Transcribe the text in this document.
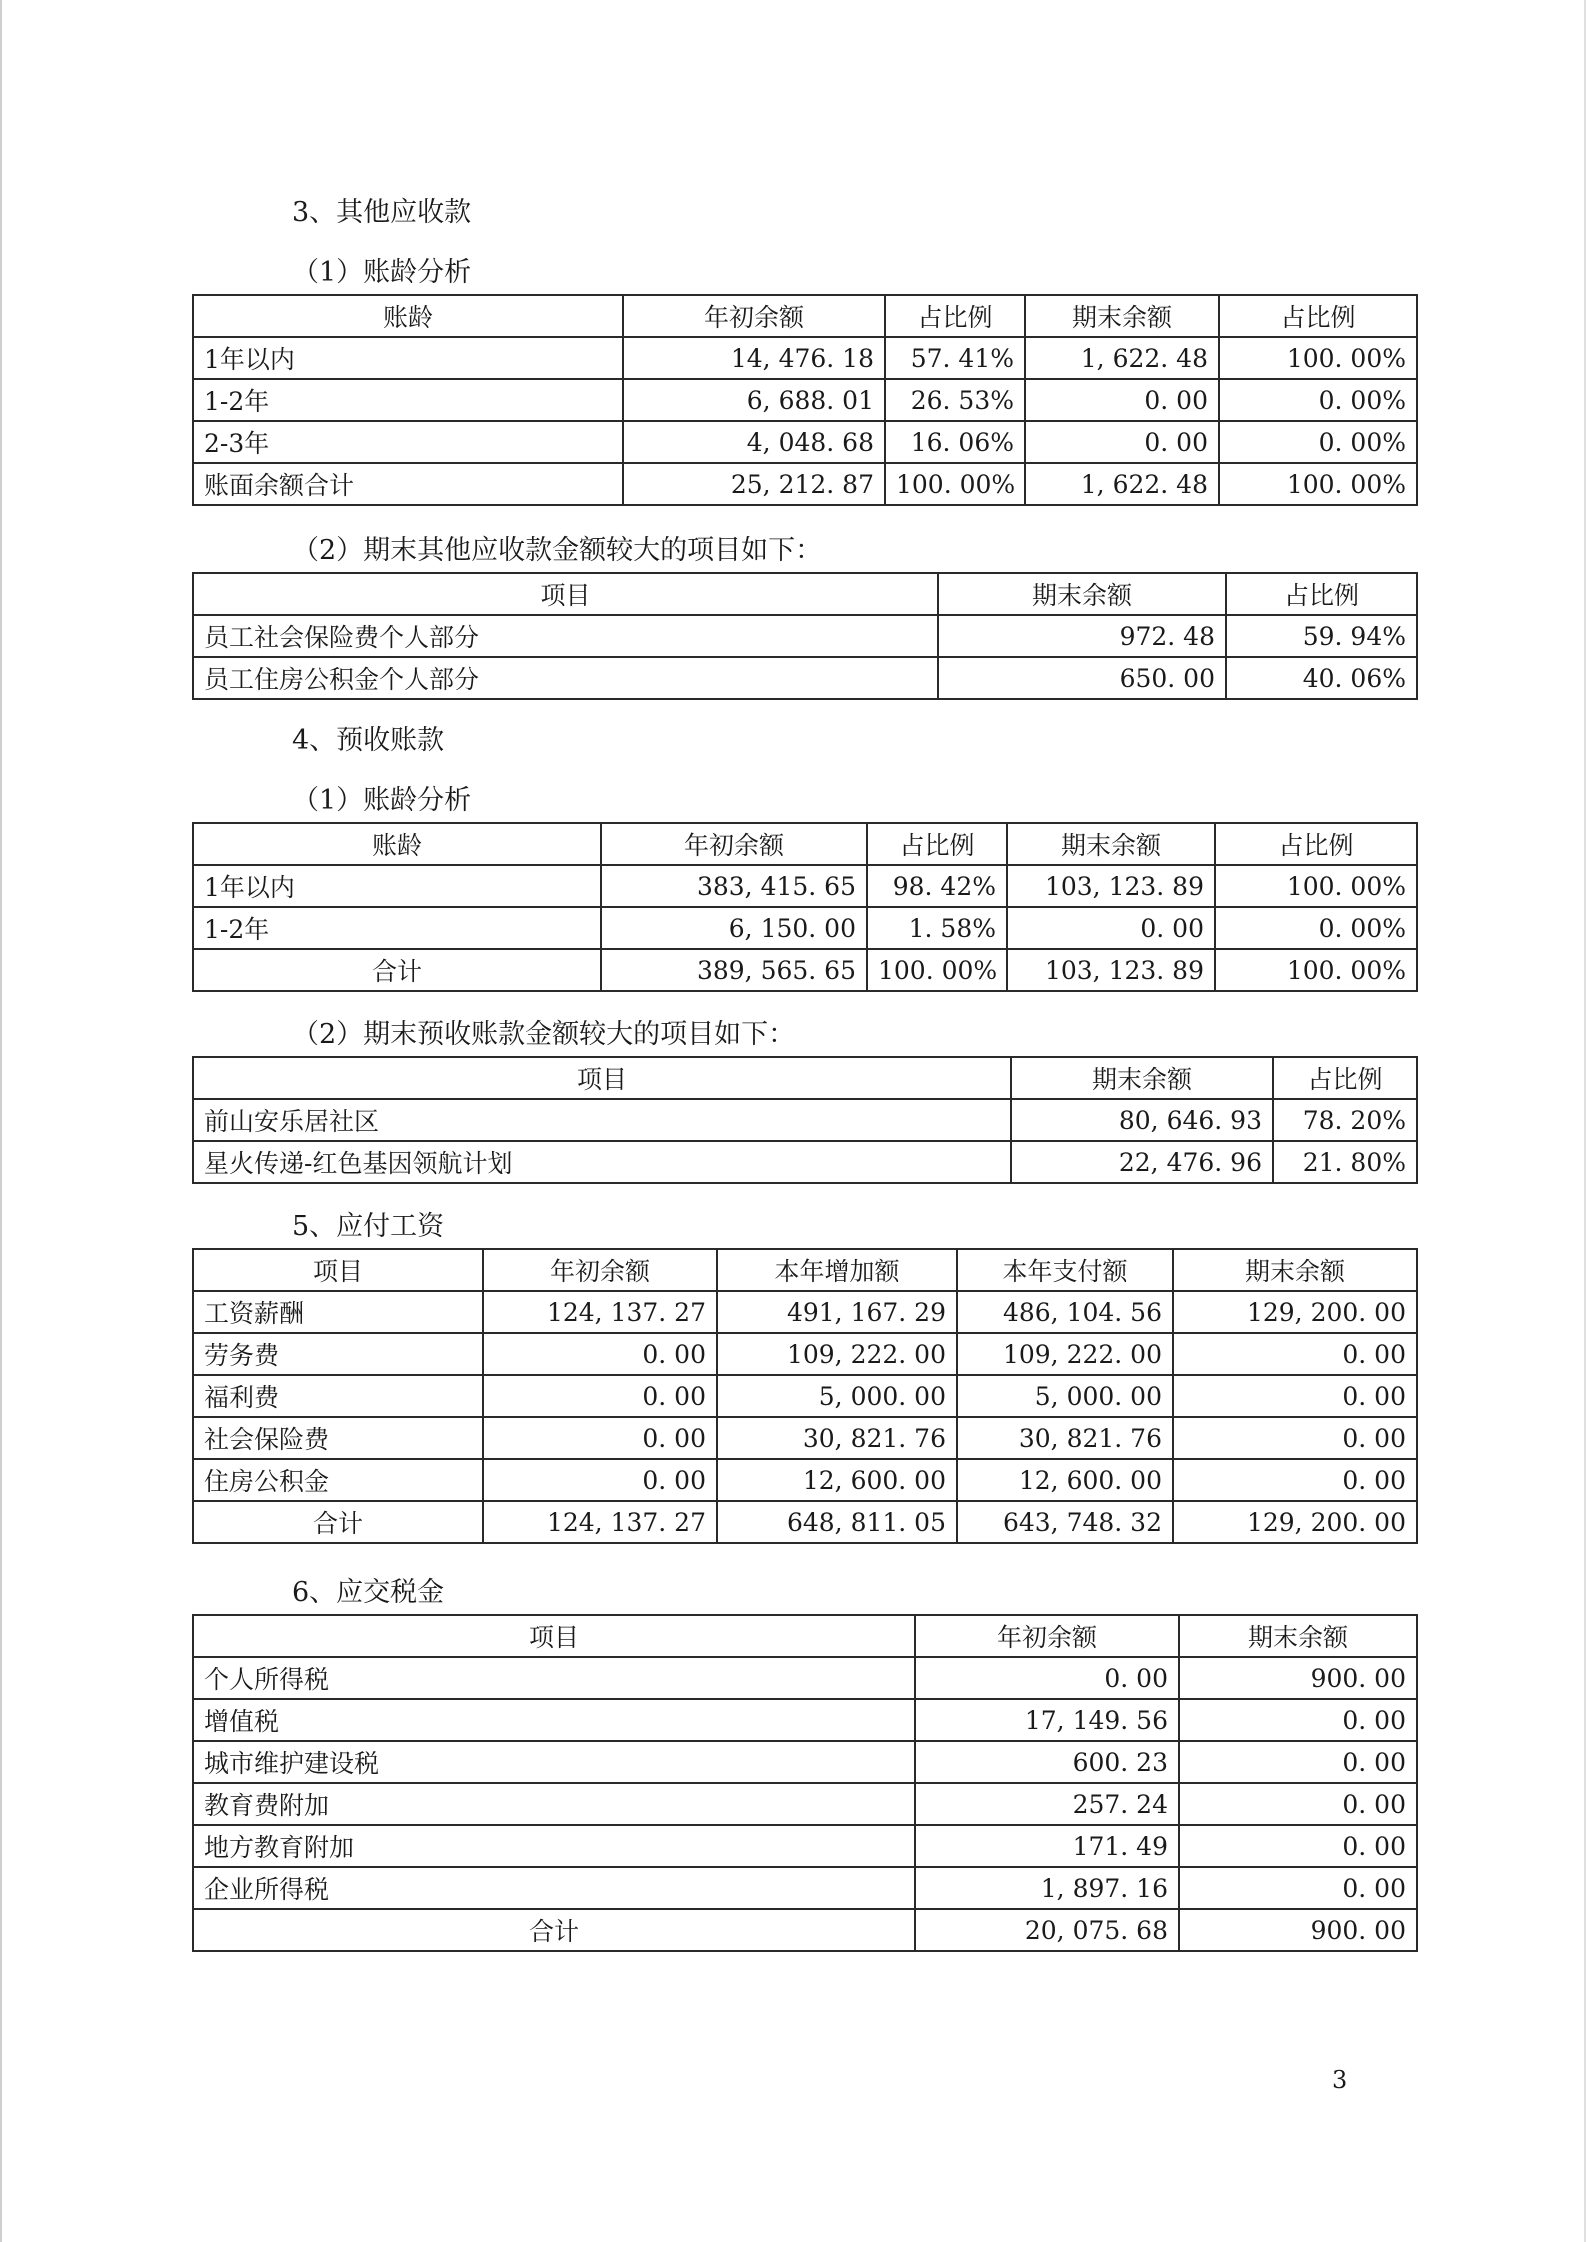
3、其他应收款
（1）账龄分析
账龄	年初余额	占比例	期末余额	占比例
1年以内	14, 476. 18	57. 41%	1, 622. 48	100. 00%
1-2年	6, 688. 01	26. 53%	0. 00	0. 00%
2-3年	4, 048. 68	16. 06%	0. 00	0. 00%
账面余额合计	25, 212. 87	100. 00%	1, 622. 48	100. 00%
（2）期末其他应收款金额较大的项目如下：
项目	期末余额	占比例
员工社会保险费个人部分	972. 48	59. 94%
员工住房公积金个人部分	650. 00	40. 06%
4、预收账款
（1）账龄分析
账龄	年初余额	占比例	期末余额	占比例
1年以内	383, 415. 65	98. 42%	103, 123. 89	100. 00%
1-2年	6, 150. 00	1. 58%	0. 00	0. 00%
合计	389, 565. 65	100. 00%	103, 123. 89	100. 00%
（2）期末预收账款金额较大的项目如下：
项目	期末余额	占比例
前山安乐居社区	80, 646. 93	78. 20%
星火传递-红色基因领航计划	22, 476. 96	21. 80%
5、应付工资
项目	年初余额	本年增加额	本年支付额	期末余额
工资薪酬	124, 137. 27	491, 167. 29	486, 104. 56	129, 200. 00
劳务费	0. 00	109, 222. 00	109, 222. 00	0. 00
福利费	0. 00	5, 000. 00	5, 000. 00	0. 00
社会保险费	0. 00	30, 821. 76	30, 821. 76	0. 00
住房公积金	0. 00	12, 600. 00	12, 600. 00	0. 00
合计	124, 137. 27	648, 811. 05	643, 748. 32	129, 200. 00
6、应交税金
项目	年初余额	期末余额
个人所得税	0. 00	900. 00
增值税	17, 149. 56	0. 00
城市维护建设税	600. 23	0. 00
教育费附加	257. 24	0. 00
地方教育附加	171. 49	0. 00
企业所得税	1, 897. 16	0. 00
合计	20, 075. 68	900. 00
3
